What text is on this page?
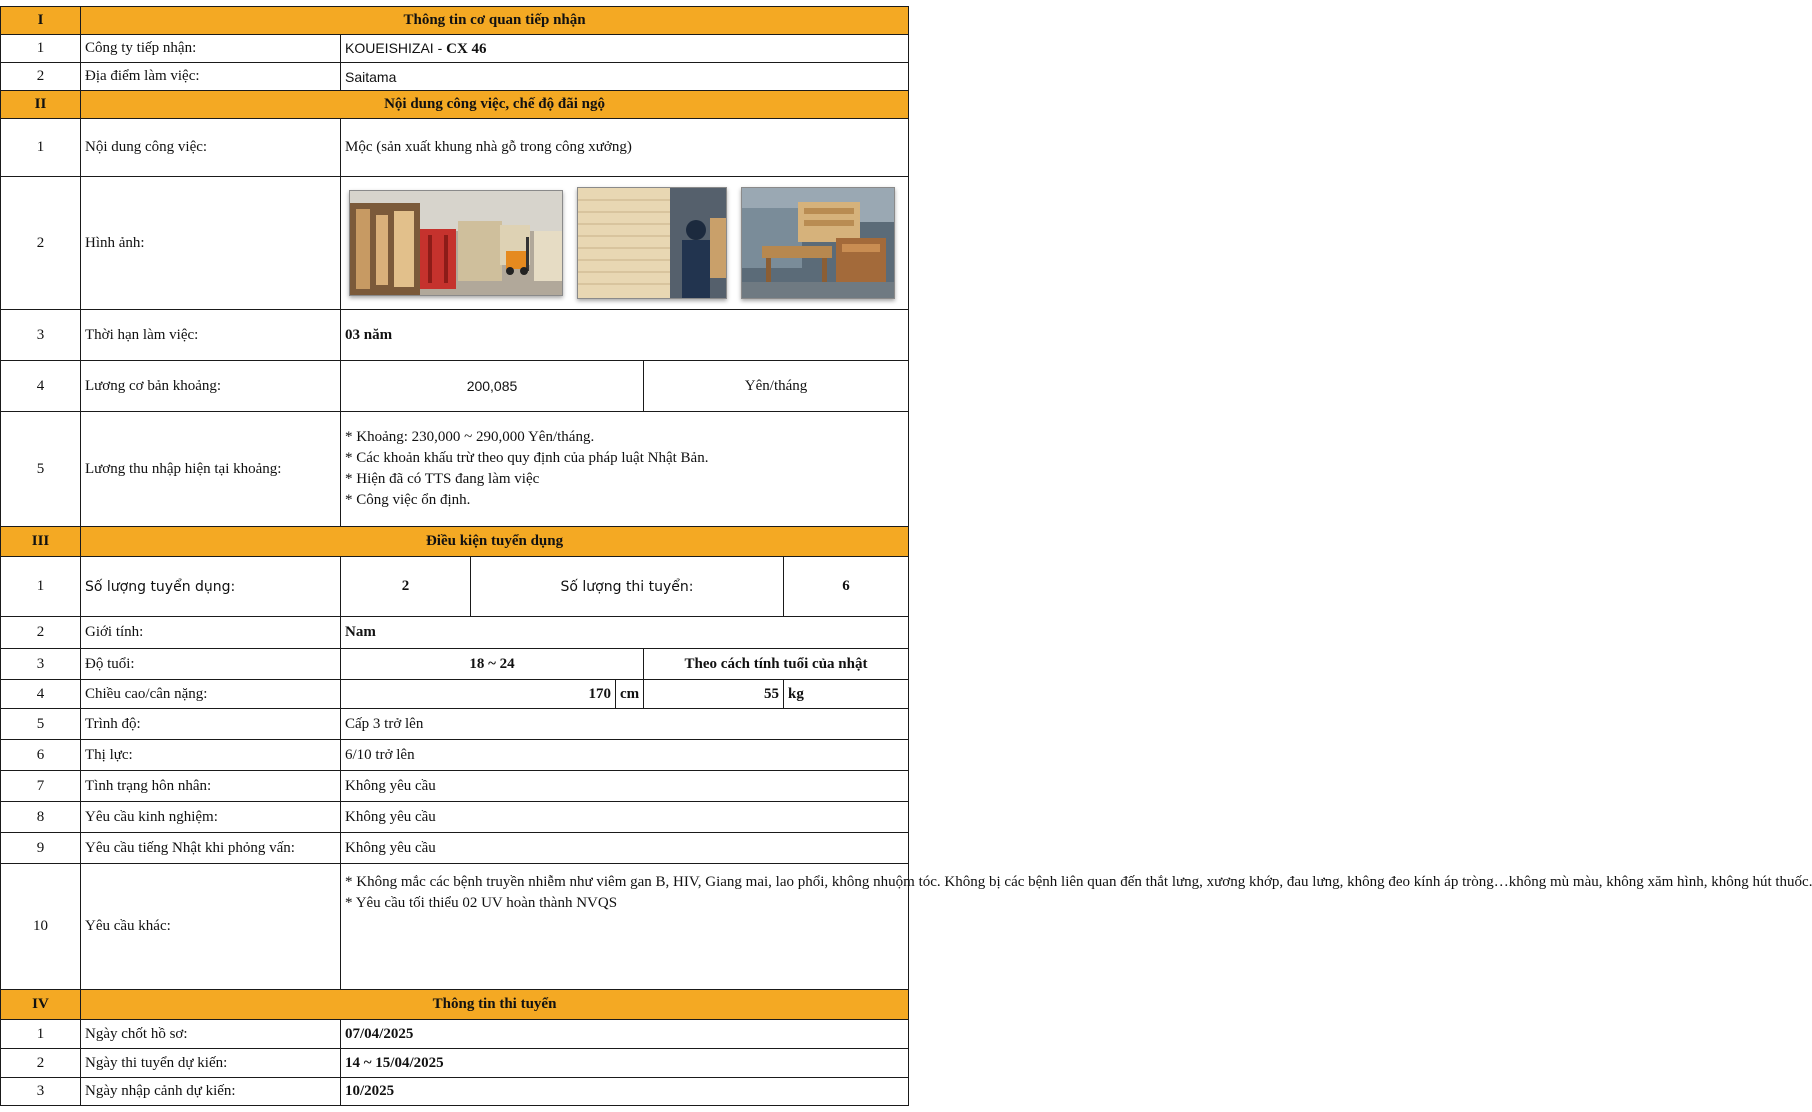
I	Thông tin cơ quan tiếp nhận					
1	Công ty tiếp nhận:	KOUEISHIZAI - CX 46				
2	Địa điểm làm việc:	Saitama				
II	Nội dung công việc, chế độ đãi ngộ					
1	Nội dung công việc:	Mộc (sản xuất khung nhà gỗ trong công xưởng)				
2	Hình ảnh:	

3	Thời hạn làm việc:	03 năm				
4	Lương cơ bản khoảng:	200,085			Yên/tháng	
5	Lương thu nhập hiện tại khoảng:	* Khoảng: 230,000 ~ 290,000 Yên/tháng.
* Các khoản khấu trừ theo quy định của pháp luật Nhật Bản.
* Hiện đã có TTS đang làm việc
* Công việc ổn định.				

III	Điều kiện tuyển dụng					
1	Số lượng tuyển dụng:	2	Số lượng thi tuyển:			6
2	Giới tính:	Nam				
3	Độ tuổi:	18 ~ 24			Theo cách tính tuổi của nhật	
4	Chiều cao/cân nặng:	170		cm	55	kg
5	Trình độ:	Cấp 3 trở lên				
6	Thị lực:	6/10 trở lên				
7	Tình trạng hôn nhân:	Không yêu cầu				
8	Yêu cầu kinh nghiệm:	Không yêu cầu				
9	Yêu cầu tiếng Nhật khi phỏng vấn:	Không yêu cầu				
10	Yêu cầu khác:	* Không mắc các bệnh truyền nhiễm như viêm gan B, HIV, Giang mai, lao phổi, không nhuộm tóc. Không bị các bệnh liên quan đến thắt lưng, xương khớp, đau lưng, không đeo kính áp tròng…không mù màu, không xăm hình, không hút thuốc.
* Yêu cầu tối thiểu 02 UV hoàn thành NVQS				

IV	Thông tin thi tuyển					
1	Ngày chốt hồ sơ:	07/04/2025				
2	Ngày thi tuyển dự kiến:	14 ~ 15/04/2025				
3	Ngày nhập cảnh dự kiến:	10/2025				
